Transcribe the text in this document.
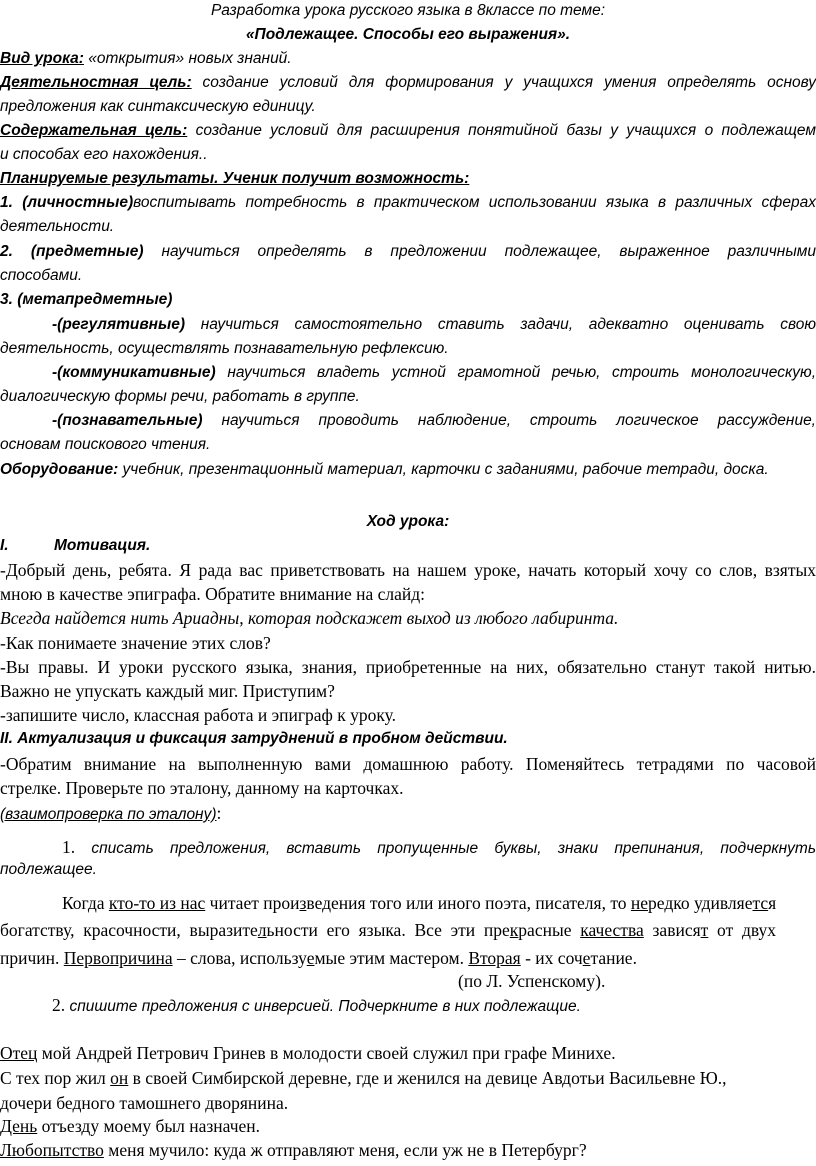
Разработка урока русского языка в 8классе по теме:
«Подлежащее. Способы его выражения».
Вид урока: «открытия» новых знаний.
Деятельностная цель: создание условий для формирования у учащихся умения определять основу
предложения как синтаксическую единицу.
Содержательная цель: создание условий для расширения понятийной базы у учащихся о подлежащем
и способах его нахождения..
Планируемые результаты. Ученик получит возможность:
1. (личностные)воспитывать потребность в практическом использовании языка в различных сферах
деятельности.
2. (предметные) научиться определять в предложении подлежащее, выраженное различными
способами.
3. (метапредметные)
-(регулятивные) научиться самостоятельно ставить задачи, адекватно оценивать свою
деятельность, осуществлять познавательную рефлексию.
-(коммуникативные) научиться владеть устной грамотной речью, строить монологическую,
диалогическую формы речи, работать в группе.
-(познавательные) научиться проводить наблюдение, строить логическое рассуждение,
основам поискового чтения.
Оборудование: учебник, презентационный материал, карточки с заданиями, рабочие тетради, доска.
Ход урока:
I.	Мотивация.
-Добрый день, ребята. Я рада вас приветствовать на нашем уроке, начать который хочу со слов, взятых
мною в качестве эпиграфа. Обратите внимание на слайд:
Всегда найдется нить Ариадны, которая подскажет выход из любого лабиринта.
-Как понимаете значение этих слов?
-Вы правы. И уроки русского языка, знания, приобретенные на них, обязательно станут такой нитью.
Важно не упускать каждый миг. Приступим?
-запишите число, классная работа и эпиграф к уроку.
II. Актуализация и фиксация затруднений в пробном действии.
-Обратим внимание на выполненную вами домашнюю работу. Поменяйтесь тетрадями по часовой
стрелке. Проверьте по эталону, данному на карточках.
(взаимопроверка по эталону):
1. списать предложения, вставить пропущенные буквы, знаки препинания, подчеркнуть
подлежащее.
Когда кто-то из нас читает произведения того или иного поэта, писателя, то нередко удивляется
богатству,  красочности,  выразительности  его  языка.  Все  эти  прекрасные  качества  зависят  от  двух
причин. Первопричина – слова, используемые этим мастером. Вторая - их сочетание.
(по Л. Успенскому).
2. спишите предложения с инверсией. Подчеркните в них подлежащие.
Отец мой Андрей Петрович Гринев в молодости своей служил при графе Минихе.
С тех пор жил он в своей Симбирской деревне, где и женился на девице Авдотьи Васильевне Ю.,
дочери бедного тамошнего дворянина.
День отъезду моему был назначен.
Любопытство меня мучило: куда ж отправляют меня, если уж не в Петербург?
